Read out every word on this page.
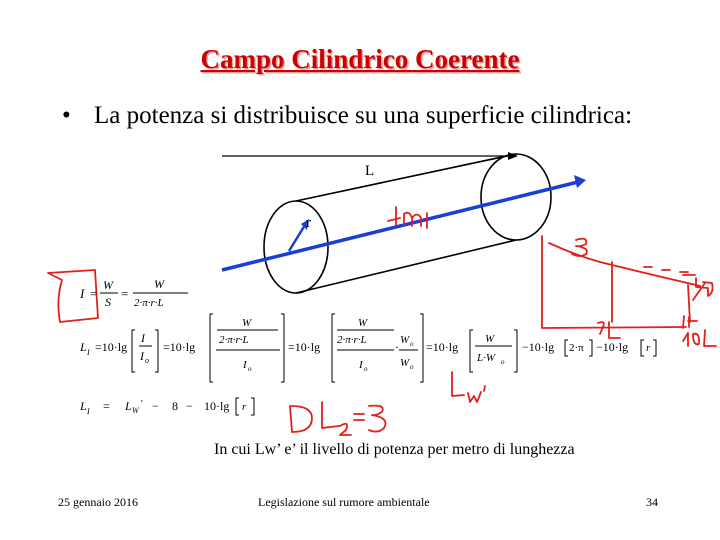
Campo Cilindrico Coerente
• La potenza si distribuisce su una superficie cilindrica:
I =
W
S
=
W
2·π·r·L
L I =10·lg
I
I o
=10·lg
W
2·π·r·L
I o
=10·lg
W
2·π·r·L
I o
· W o
W o
=10·lg
W
L·W o
−10·lg 2·π −10·lg r
L I = L W
' − 8 − 10·lg r
L
r
In cui Lw’ e’ il livello di potenza per metro di lunghezza
25 gennaio 2016	Legislazione sul rumore ambientale	34
